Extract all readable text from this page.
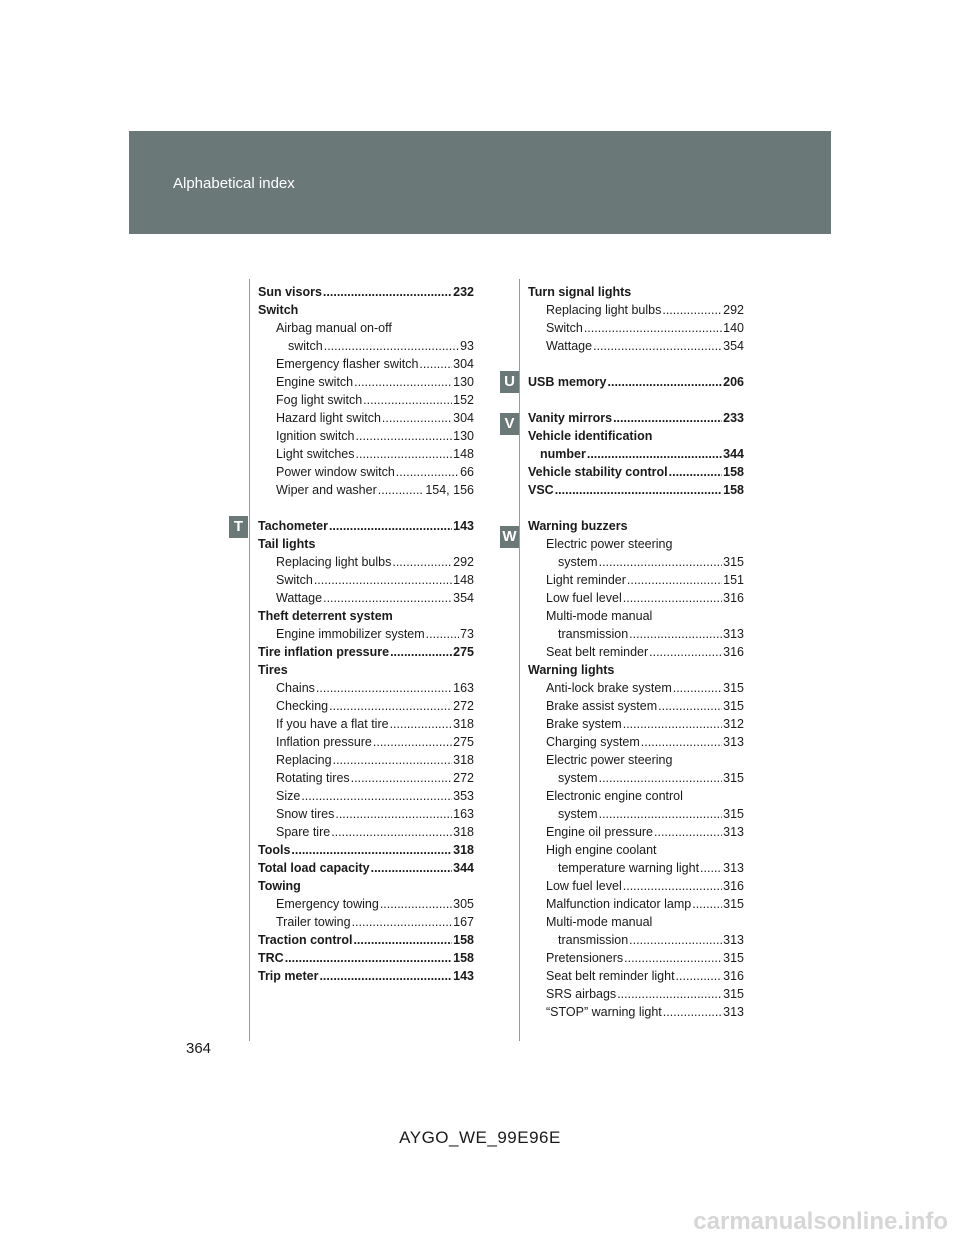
Alphabetical index
T
U
V
W
Sun visors .....	232
Switch
Airbag manual on-off
switch .....	93
Emergency flasher switch .....	304
Engine switch .....	130
Fog light switch .....	152
Hazard light switch .....	304
Ignition switch .....	130
Light switches .....	148
Power window switch .....	66
Wiper and washer .....	154, 156
Tachometer .....	143
Tail lights
Replacing light bulbs .....	292
Switch .....	148
Wattage .....	354
Theft deterrent system
Engine immobilizer system .....	73
Tire inflation pressure .....	275
Tires
Chains .....	163
Checking .....	272
If you have a flat tire .....	318
Inflation pressure .....	275
Replacing .....	318
Rotating tires .....	272
Size .....	353
Snow tires .....	163
Spare tire .....	318
Tools .....	318
Total load capacity .....	344
Towing
Emergency towing .....	305
Trailer towing .....	167
Traction control .....	158
TRC .....	158
Trip meter .....	143
Turn signal lights
Replacing light bulbs .....	292
Switch .....	140
Wattage .....	354
USB memory .....	206
Vanity mirrors .....	233
Vehicle identification
number .....	344
Vehicle stability control .....	158
VSC .....	158
Warning buzzers
Electric power steering
system .....	315
Light reminder .....	151
Low fuel level .....	316
Multi-mode manual
transmission .....	313
Seat belt reminder .....	316
Warning lights
Anti-lock brake system .....	315
Brake assist system .....	315
Brake system .....	312
Charging system .....	313
Electric power steering
system .....	315
Electronic engine control
system .....	315
Engine oil pressure .....	313
High engine coolant
temperature warning light ..... 313
Low fuel level .....	316
Malfunction indicator lamp .....	315
Multi-mode manual
transmission .....	313
Pretensioners .....	315
Seat belt reminder light .....	316
SRS airbags .....	315
“STOP” warning light .....	313
364
AYGO_WE_99E96E
carmanualsonline.info
